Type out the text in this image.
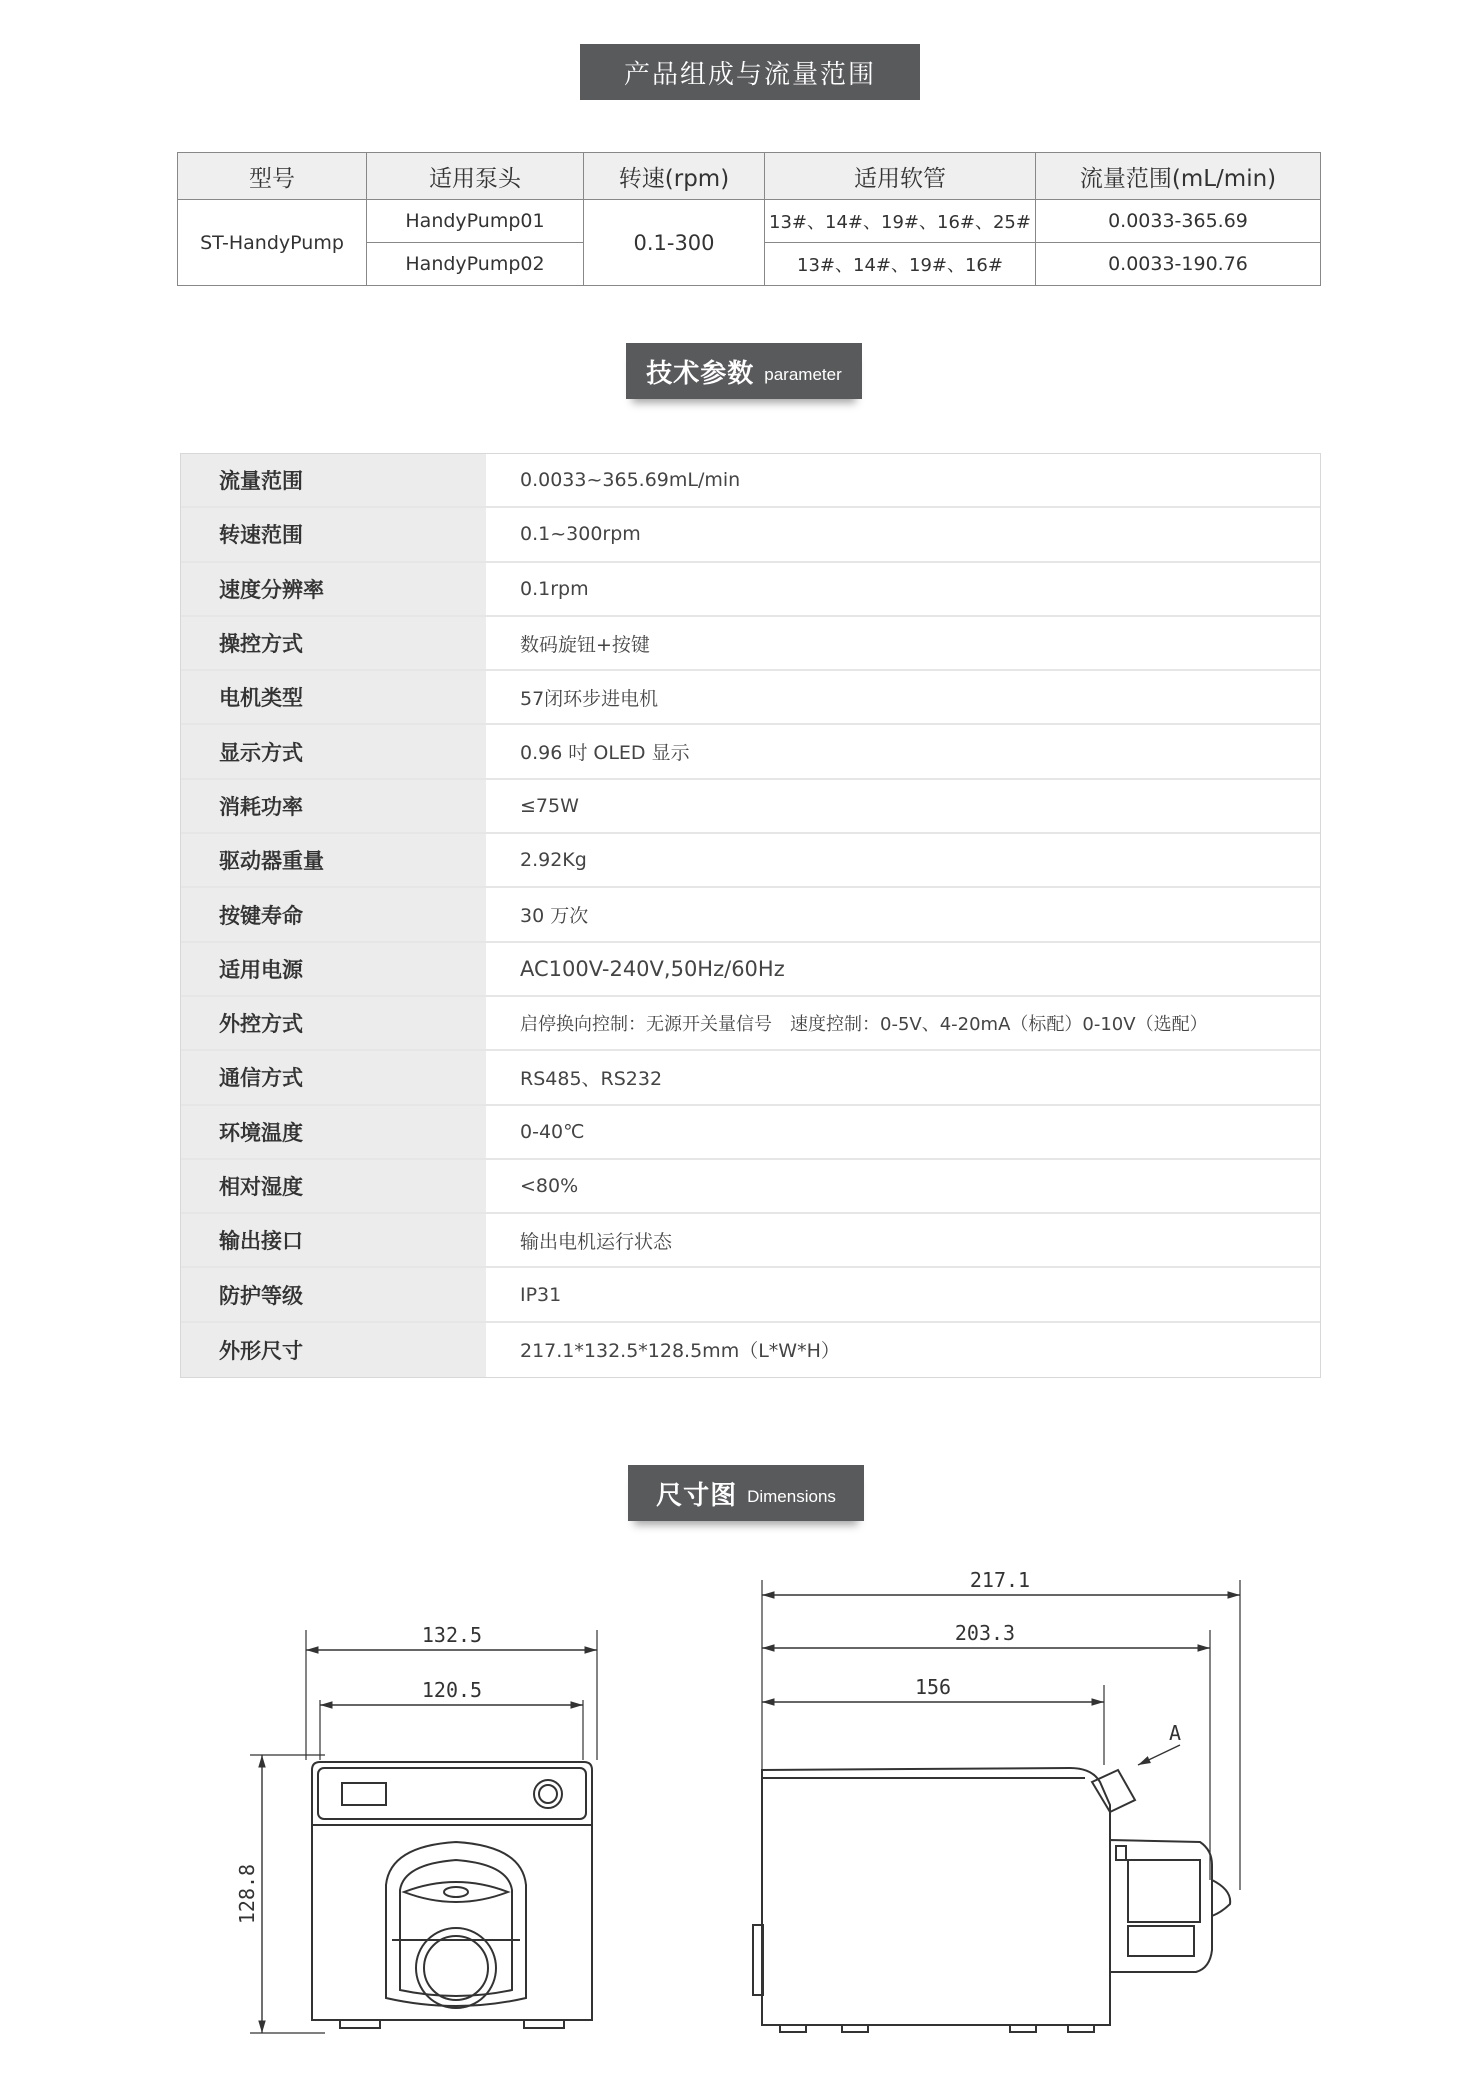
产品组成与流量范围
型号	适用泵头	转速(rpm)	适用软管	流量范围(mL/min)
ST-HandyPump	HandyPump01	0.1-300	13#、14#、19#、16#、25#	0.0033-365.69
	HandyPump02		13#、14#、19#、16#	0.0033-190.76
技术参数 parameter
流量范围	0.0033~365.69mL/min
转速范围	0.1~300rpm
速度分辨率	0.1rpm
操控方式	数码旋钮+按键
电机类型	57闭环步进电机
显示方式	0.96 吋 OLED 显示
消耗功率	≤75W
驱动器重量	2.92Kg
按键寿命	30 万次
适用电源	AC100V-240V,50Hz/60Hz
外控方式	启停换向控制：无源开关量信号　速度控制：0-5V、4-20mA（标配）0-10V（选配）
通信方式	RS485、RS232
环境温度	0-40℃
相对湿度	<80%
输出接口	输出电机运行状态
防护等级	IP31
外形尺寸	217.1*132.5*128.5mm（L*W*H）
尺寸图 Dimensions
132.5
120.5
128.8
217.1
203.3
156
A
